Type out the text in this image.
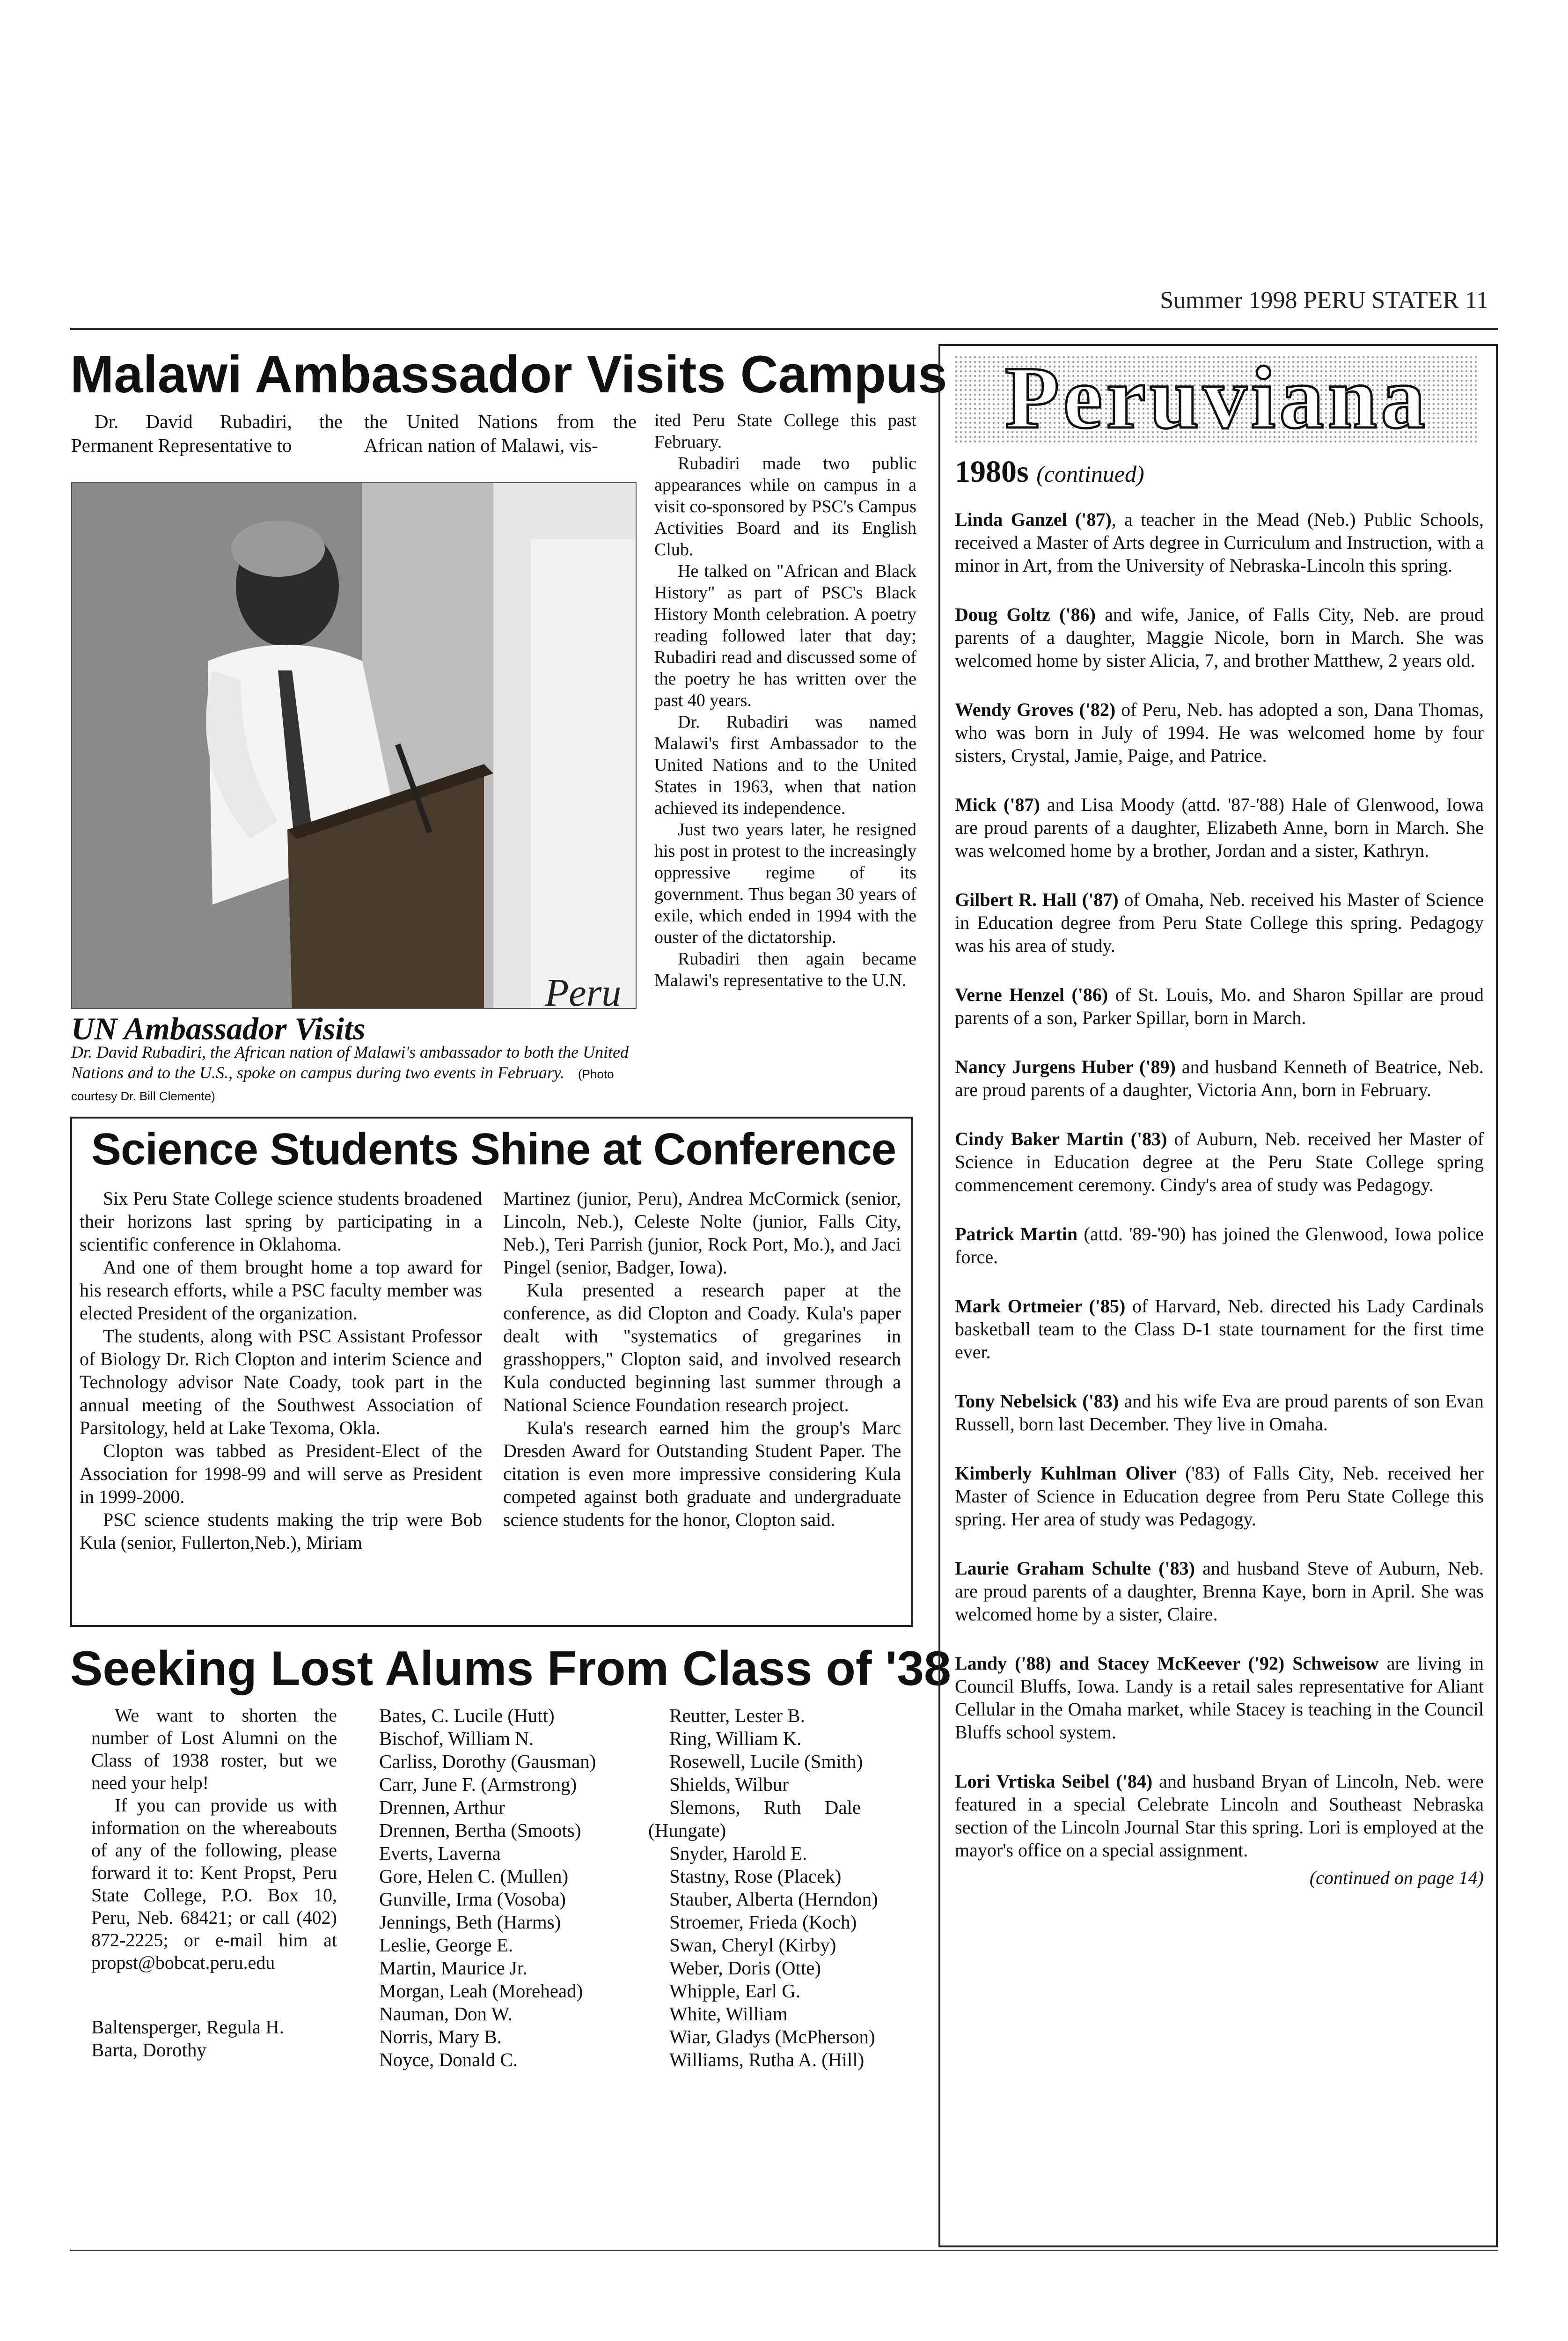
Summer 1998 PERU STATER 11
Malawi Ambassador Visits Campus

Dr. David Rubadiri, the Permanent Representative to

the United Nations from the African nation of Malawi, vis-

ited Peru State College this past February.

Rubadiri made two public appearances while on campus in a visit co-sponsored by PSC's Campus Activities Board and its English Club.

He talked on "African and Black History" as part of PSC's Black History Month celebration. A poetry reading followed later that day; Rubadiri read and discussed some of the poetry he has written over the past 40 years.

Dr. Rubadiri was named Malawi's first Ambassador to the United Nations and to the United States in 1963, when that nation achieved its independence.

Just two years later, he resigned his post in protest to the increasingly oppressive regime of its government. Thus began 30 years of exile, which ended in 1994 with the ouster of the dictatorship.

Rubadiri then again became Malawi's representative to the U.N.

Peru
UN Ambassador Visits
Dr. David Rubadiri, the African nation of Malawi's ambassador to both the United Nations and to the U.S., spoke on campus during two events in February. (Photo courtesy Dr. Bill Clemente)
Science Students Shine at Conference

Six Peru State College science students broadened their horizons last spring by participating in a scientific conference in Oklahoma.

And one of them brought home a top award for his research efforts, while a PSC faculty member was elected President of the organization.

The students, along with PSC Assistant Professor of Biology Dr. Rich Clopton and interim Science and Technology advisor Nate Coady, took part in the annual meeting of the Southwest Association of Parsitology, held at Lake Texoma, Okla.

Clopton was tabbed as President-Elect of the Association for 1998-99 and will serve as President in 1999-2000.

PSC science students making the trip were Bob Kula (senior, Fullerton,Neb.), Miriam

Martinez (junior, Peru), Andrea McCormick (senior, Lincoln, Neb.), Celeste Nolte (junior, Falls City, Neb.), Teri Parrish (junior, Rock Port, Mo.), and Jaci Pingel (senior, Badger, Iowa).

Kula presented a research paper at the conference, as did Clopton and Coady. Kula's paper dealt with "systematics of gregarines in grasshoppers," Clopton said, and involved research Kula conducted beginning last summer through a National Science Foundation research project.

Kula's research earned him the group's Marc Dresden Award for Outstanding Student Paper. The citation is even more impressive considering Kula competed against both graduate and undergraduate science students for the honor, Clopton said.

Seeking Lost Alums From Class of '38

We want to shorten the number of Lost Alumni on the Class of 1938 roster, but we need your help!

If you can provide us with information on the whereabouts of any of the following, please forward it to: Kent Propst, Peru State College, P.O. Box 10, Peru, Neb. 68421; or call (402) 872-2225; or e-mail him at propst@bobcat.peru.edu

Baltensperger, Regula H.
Barta, Dorothy
Bates, C. Lucile (Hutt)
Bischof, William N.
Carliss, Dorothy (Gausman)
Carr, June F. (Armstrong)
Drennen, Arthur
Drennen, Bertha (Smoots)
Everts, Laverna
Gore, Helen C. (Mullen)
Gunville, Irma (Vosoba)
Jennings, Beth (Harms)
Leslie, George E.
Martin, Maurice Jr.
Morgan, Leah (Morehead)
Nauman, Don W.
Norris, Mary B.
Noyce, Donald C.
Reutter, Lester B.
Ring, William K.
Rosewell, Lucile (Smith)
Shields, Wilbur
Slemons, Ruth Dale
(Hungate)
Snyder, Harold E.
Stastny, Rose (Placek)
Stauber, Alberta (Herndon)
Stroemer, Frieda (Koch)
Swan, Cheryl (Kirby)
Weber, Doris (Otte)
Whipple, Earl G.
White, William
Wiar, Gladys (McPherson)
Williams, Rutha A. (Hill)
Peruviana
1980s (continued)
Linda Ganzel ('87), a teacher in the Mead (Neb.) Public Schools, received a Master of Arts degree in Curriculum and Instruction, with a minor in Art, from the University of Nebraska-Lincoln this spring.
Doug Goltz ('86) and wife, Janice, of Falls City, Neb. are proud parents of a daughter, Maggie Nicole, born in March. She was welcomed home by sister Alicia, 7, and brother Matthew, 2 years old.
Wendy Groves ('82) of Peru, Neb. has adopted a son, Dana Thomas, who was born in July of 1994. He was welcomed home by four sisters, Crystal, Jamie, Paige, and Patrice.
Mick ('87) and Lisa Moody (attd. '87-'88) Hale of Glenwood, Iowa are proud parents of a daughter, Elizabeth Anne, born in March. She was welcomed home by a brother, Jordan and a sister, Kathryn.
Gilbert R. Hall ('87) of Omaha, Neb. received his Master of Science in Education degree from Peru State College this spring. Pedagogy was his area of study.
Verne Henzel ('86) of St. Louis, Mo. and Sharon Spillar are proud parents of a son, Parker Spillar, born in March.
Nancy Jurgens Huber ('89) and husband Kenneth of Beatrice, Neb. are proud parents of a daughter, Victoria Ann, born in February.
Cindy Baker Martin ('83) of Auburn, Neb. received her Master of Science in Education degree at the Peru State College spring commencement ceremony. Cindy's area of study was Pedagogy.
Patrick Martin (attd. '89-'90) has joined the Glenwood, Iowa police force.
Mark Ortmeier ('85) of Harvard, Neb. directed his Lady Cardinals basketball team to the Class D-1 state tournament for the first time ever.
Tony Nebelsick ('83) and his wife Eva are proud parents of son Evan Russell, born last December. They live in Omaha.
Kimberly Kuhlman Oliver ('83) of Falls City, Neb. received her Master of Science in Education degree from Peru State College this spring. Her area of study was Pedagogy.
Laurie Graham Schulte ('83) and husband Steve of Auburn, Neb. are proud parents of a daughter, Brenna Kaye, born in April. She was welcomed home by a sister, Claire.
Landy ('88) and Stacey McKeever ('92) Schweisow are living in Council Bluffs, Iowa. Landy is a retail sales representative for Aliant Cellular in the Omaha market, while Stacey is teaching in the Council Bluffs school system.
Lori Vrtiska Seibel ('84) and husband Bryan of Lincoln, Neb. were featured in a special Celebrate Lincoln and Southeast Nebraska section of the Lincoln Journal Star this spring. Lori is employed at the mayor's office on a special assignment.
(continued on page 14)
